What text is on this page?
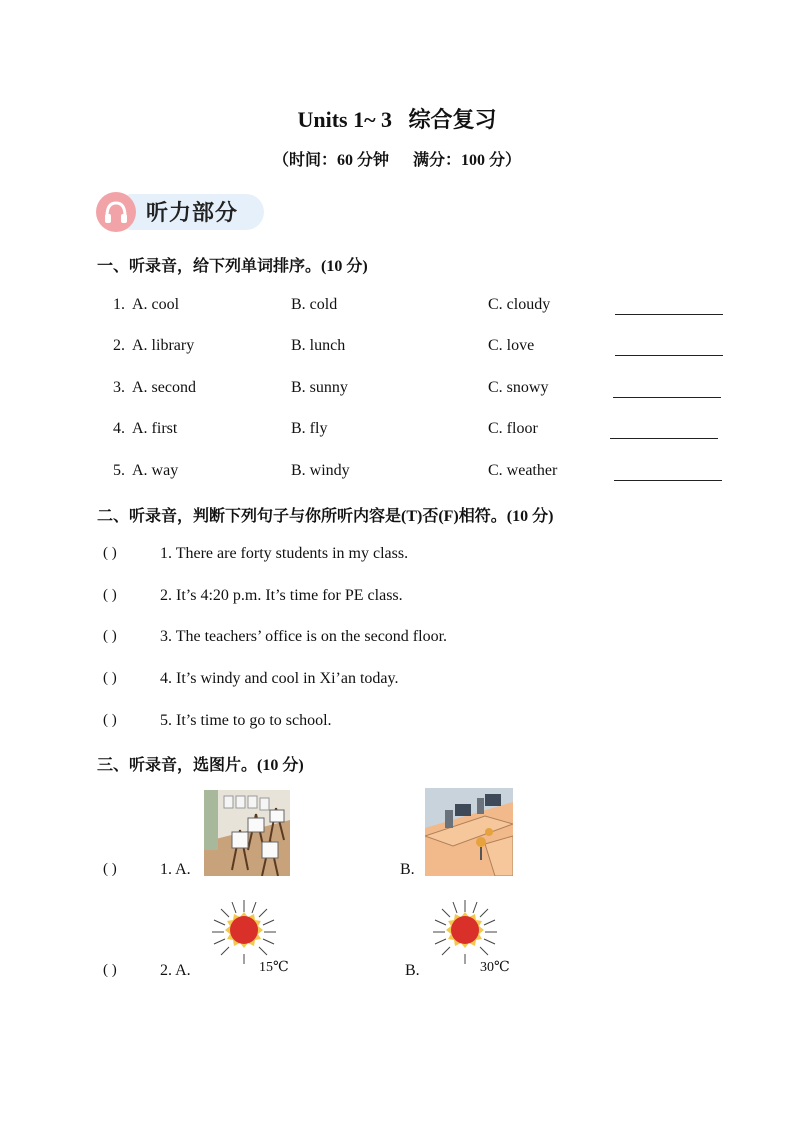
Units 1~ 3   综合复习
（时间：60 分钟      满分：100 分）
听力部分
一、听录音，给下列单词排序。(10 分)
1. A. cool	B. cold	C. cloudy
2. A. library	B. lunch	C. love
3. A. second	B. sunny	C. snowy
4. A. first	B. fly	C. floor
5. A. way	B. windy	C. weather
二、听录音，判断下列句子与你所听内容是(T)否(F)相符。(10 分)
( )	1. There are forty students in my class.
( )	2. It’s 4:20 p.m. It’s time for PE class.
( )	3. The teachers’ office is on the second floor.
( )	4. It’s windy and cool in Xi’an today.
( )	5. It’s time to go to school.
三、听录音，选图片。(10 分)
( )	1. A.	B.
( )	2. A.	15℃	B.	30℃
